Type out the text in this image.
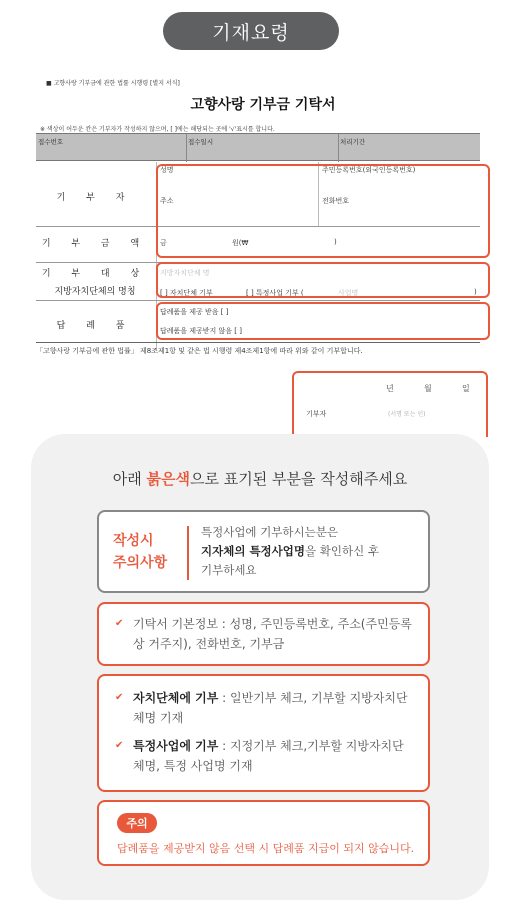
기재요령
■ 고향사랑 기부금에 관한 법률 시행령 [별지 서식]
고향사랑 기부금 기탁서
※ 색상이 어두운 칸은 기부자가 작성하지 않으며, [ ]에는 해당되는 곳에 '√'표시를 합니다.
접수번호	접수일시	처리기간
기 부 자
성명	주민등록번호(외국인등록번호)
주소	전화번호
기 부 금 액	금	원(₩	)
기 부 대 상
지방자치단체의 명칭
지방자치단체 명
[ ] 자치단체 기부	[ ] 특정사업 기부 (	사업명	)
답 례 품
답례품을 제공 받음 [ ]
답례품을 제공받지 않음 [ ]
「고향사랑 기부금에 관한 법률」 제8조제1항 및 같은 법 시행령 제4조제1항에 따라 위와 같이 기부합니다.
년	월	일
기부자	(서명 또는 인)
아래 붉은색으로 표기된 부분을 작성해주세요
작성시
주의사항
특정사업에 기부하시는분은
지자체의 특정사업명을 확인하신 후
기부하세요
✔ 기탁서 기본정보 : 성명, 주민등록번호, 주소(주민등록상 거주지), 전화번호, 기부금
✔ 자치단체에 기부 : 일반기부 체크, 기부할 지방자치단체명 기재
✔ 특정사업에 기부 : 지정기부 체크,기부할 지방자치단체명, 특정 사업명 기재
주의
답례품을 제공받지 않음 선택 시 답례품 지급이 되지 않습니다.
